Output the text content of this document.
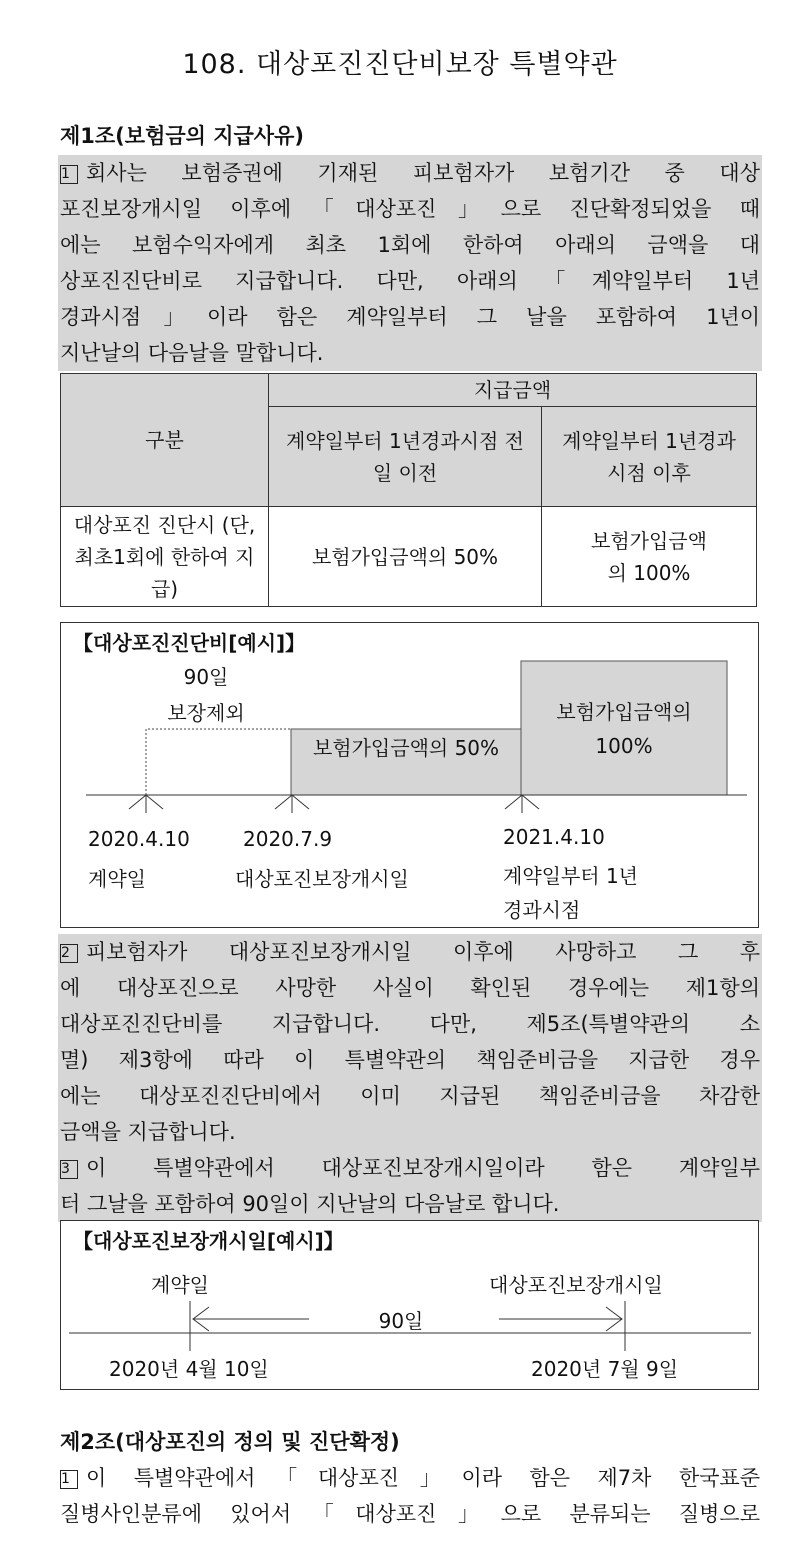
108. 대상포진진단비보장 특별약관
제1조(보험금의 지급사유)
1 회사는 보험증권에 기재된 피보험자가 보험기간 중 대상
포진보장개시일 이후에「대상포진」으로 진단확정되었을 때
에는 보험수익자에게 최초 1회에 한하여 아래의 금액을 대
상포진진단비로 지급합니다. 다만, 아래의「계약일부터 1년
경과시점」이라 함은 계약일부터 그 날을 포함하여 1년이
지난날의 다음날을 말합니다.
구분	지급금액	
	계약일부터 1년경과시점 전일 이전	계약일부터 1년경과시점 이후
대상포진 진단시 (단, 최초1회에 한하여 지급)	보험가입금액의 50%	보험가입금액의 100%
【대상포진진단비[예시]】
90일
보장제외
보험가입금액의 50%
보험가입금액의 100%
2020.4.10
계약일
2020.7.9
대상포진보장개시일
2021.4.10
계약일부터 1년경과시점
2 피보험자가 대상포진보장개시일 이후에 사망하고 그 후
에 대상포진으로 사망한 사실이 확인된 경우에는 제1항의
대상포진진단비를 지급합니다. 다만, 제5조(특별약관의 소
멸) 제3항에 따라 이 특별약관의 책임준비금을 지급한 경우
에는 대상포진진단비에서 이미 지급된 책임준비금을 차감한
금액을 지급합니다.
3 이 특별약관에서 대상포진보장개시일이라 함은 계약일부
터 그날을 포함하여 90일이 지난날의 다음날로 합니다.
【대상포진보장개시일[예시]】
계약일	대상포진보장개시일
90일
2020년 4월 10일	2020년 7월 9일
제2조(대상포진의 정의 및 진단확정)
1 이 특별약관에서「대상포진」이라 함은 제7차 한국표준
질병사인분류에 있어서「대상포진」으로 분류되는 질병으로
